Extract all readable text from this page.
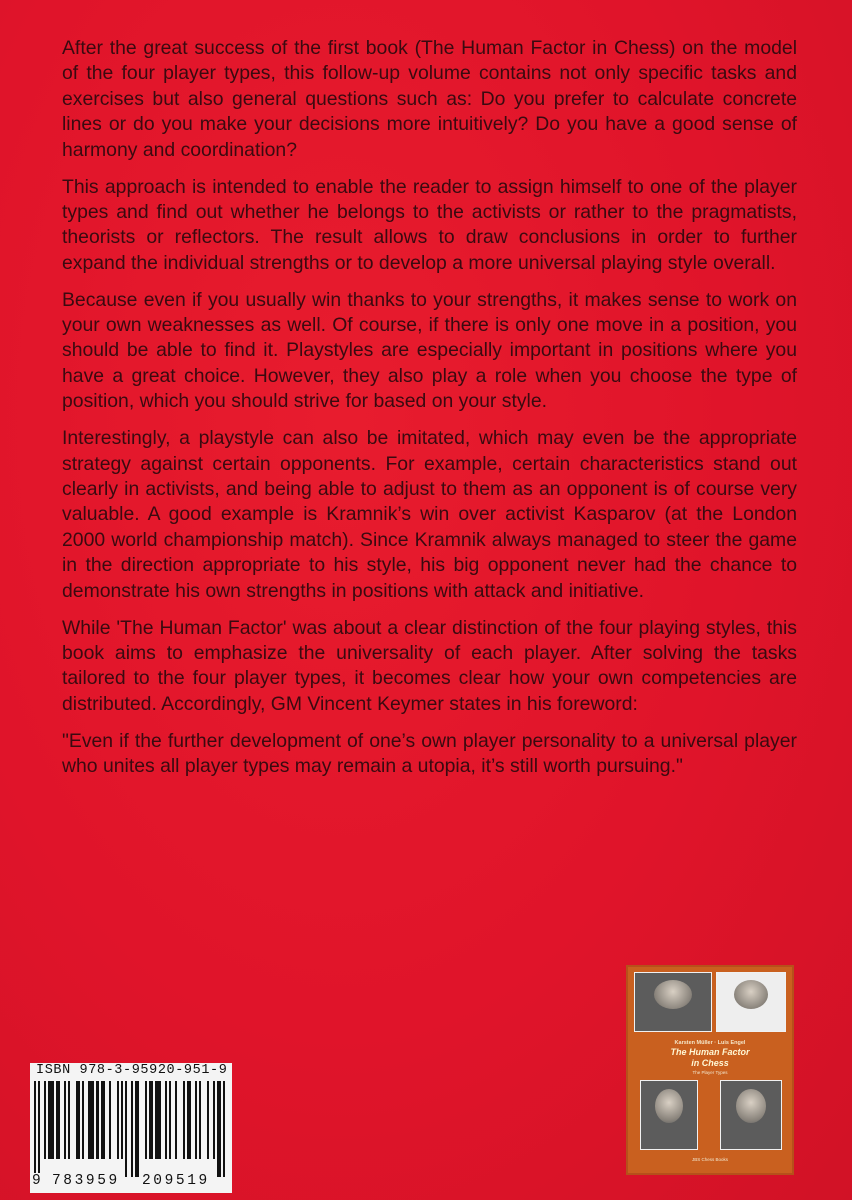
After the great success of the first book (The Human Factor in Chess) on the model of the four player types, this follow-up volume contains not only specific tasks and exercises but also general questions such as: Do you prefer to calculate concrete lines or do you make your decisions more intuitively? Do you have a good sense of harmony and coordination?

This approach is intended to enable the reader to assign himself to one of the player types and find out whether he belongs to the activists or rather to the pragmatists, theorists or reflectors. The result allows to draw conclusions in order to further expand the individual strengths or to develop a more universal playing style overall.

Because even if you usually win thanks to your strengths, it makes sense to work on your own weaknesses as well. Of course, if there is only one move in a position, you should be able to find it. Playstyles are especially important in positions where you have a great choice. However, they also play a role when you choose the type of position, which you should strive for based on your style.

Interestingly, a playstyle can also be imitated, which may even be the appropriate strategy against certain opponents. For example, certain characteristics stand out clearly in activists, and being able to adjust to them as an opponent is of course very valuable. A good example is Kramnik’s win over activist Kasparov (at the London 2000 world championship match). Since Kramnik always managed to steer the game in the direction appropriate to his style, his big opponent never had the chance to demonstrate his own strengths in positions with attack and initiative.

While 'The Human Factor' was about a clear distinction of the four playing styles, this book aims to emphasize the universality of each player. After solving the tasks tailored to the four player types, it becomes clear how your own competencies are distributed. Accordingly, GM Vincent Keymer states in his foreword:

"Even if the further development of one’s own player personality to a universal player who unites all player types may remain a utopia, it’s still worth pursuing."

ISBN 978-3-95920-951-9
9 783959 209519
Karsten Müller · Luis Engel
The Human Factor
in Chess
The Player Types
JBS Chess Books
